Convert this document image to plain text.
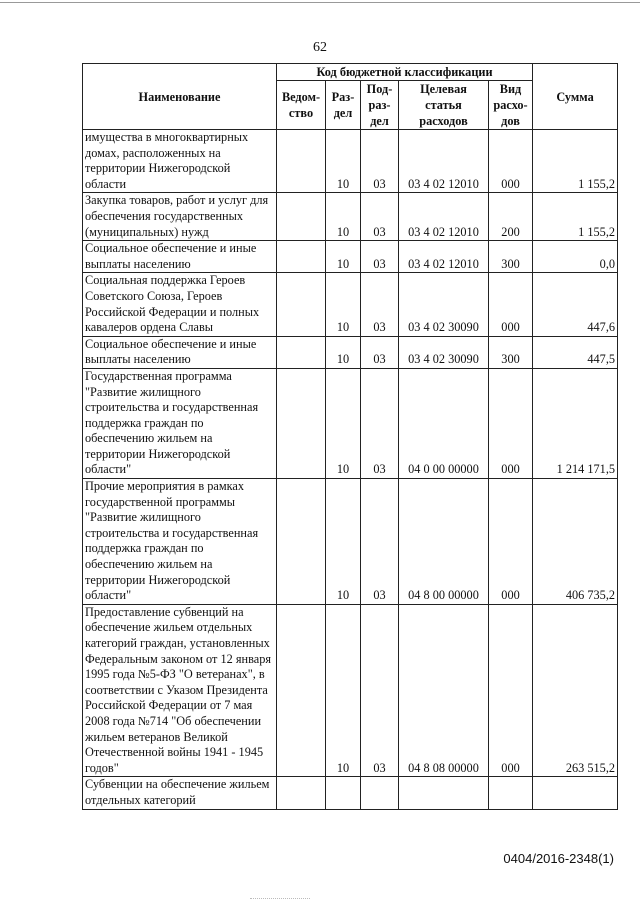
62
Наименование	Код бюджетной классификации					Сумма
	Ведом-ство	Раз-дел	Под-раз-дел	Целевая статья расходов	Вид расхо-дов	
имущества в многоквартирных домах, расположенных на территории Нижегородской области		10	03	03 4 02 12010	000	1 155,2
Закупка товаров, работ и услуг для обеспечения государственных (муниципальных) нужд		10	03	03 4 02 12010	200	1 155,2
Социальное обеспечение и иные выплаты населению		10	03	03 4 02 12010	300	0,0
Социальная поддержка Героев Советского Союза, Героев Российской Федерации и полных кавалеров ордена Славы		10	03	03 4 02 30090	000	447,6
Социальное обеспечение и иные выплаты населению		10	03	03 4 02 30090	300	447,5
Государственная программа "Развитие жилищного строительства и государственная поддержка граждан по обеспечению жильем на территории Нижегородской области"		10	03	04 0 00 00000	000	1 214 171,5
Прочие мероприятия в рамках государственной программы "Развитие жилищного строительства и государственная поддержка граждан по обеспечению жильем на территории Нижегородской области"		10	03	04 8 00 00000	000	406 735,2
Предоставление субвенций на обеспечение жильем отдельных категорий граждан, установленных Федеральным законом от 12 января 1995 года №5-ФЗ "О ветеранах", в соответствии с Указом Президента Российской Федерации от 7 мая 2008 года №714 "Об обеспечении жильем ветеранов Великой Отечественной войны 1941 - 1945 годов"		10	03	04 8 08 00000	000	263 515,2
Субвенции на обеспечение жильем отдельных категорий						
0404/2016-2348(1)
